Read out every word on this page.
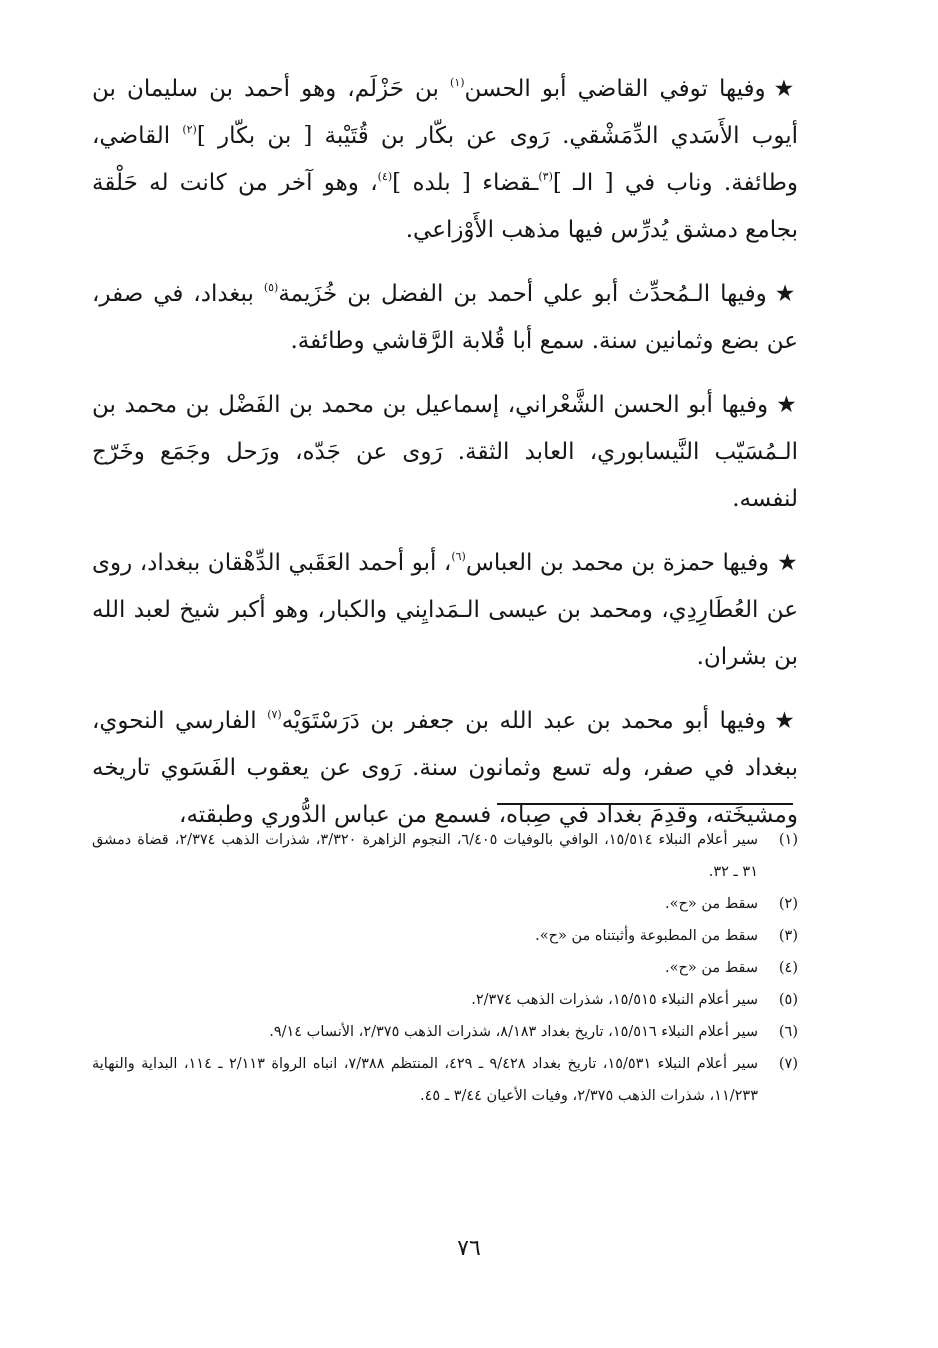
★وفيها توفي القاضي أبو الحسن$^{(١)}$ بن حَزْلَم، وهو أحمد بن سليمان بن أيوب الأَسَدي الدِّمَشْقي. رَوى عن بكّار بن قُتَيْبة [ بن بكّار ]$^{(٢)}$ القاضي، وطائفة. وناب في [ الـ ]$^{(٣)}$ـقضاء [ بلده ]$^{(٤)}$، وهو آخر من كانت له حَلْقة بجامع دمشق يُدرِّس فيها مذهب الأَوْزاعي.

★وفيها الـمُحدِّث أبو علي أحمد بن الفضل بن خُزَيمة$^{(٥)}$ ببغداد، في صفر، عن بضع وثمانين سنة. سمع أبا قُلابة الرَّقاشي وطائفة.

★وفيها أبو الحسن الشَّعْراني، إسماعيل بن محمد بن الفَضْل بن محمد بن الـمُسَيّب النَّيسابوري، العابد الثقة. رَوى عن جَدّه، ورَحل وجَمَع وخَرّج لنفسه.

★وفيها حمزة بن محمد بن العباس$^{(٦)}$، أبو أحمد العَقَبي الدِّهْقان ببغداد، روى عن العُطَارِدِي، ومحمد بن عيسى الـمَدايِني والكبار، وهو أكبر شيخ لعبد الله بن بشران.

★وفيها أبو محمد بن عبد الله بن جعفر بن دَرَسْتَوَيْه$^{(٧)}$ الفارسي النحوي، ببغداد في صفر، وله تسع وثمانون سنة. رَوى عن يعقوب الفَسَوي تاريخه ومشيخَته، وقدِمَ بغداد في صِباه، فسمع من عباس الدُّوري وطبقته،

(١)
سير أعلام النبلاء ١٥/٥١٤، الوافي بالوفيات ٦/٤٠٥، النجوم الزاهرة ٣/٣٢٠، شذرات الذهب ٢/٣٧٤، قضاة دمشق ٣١ ـ ٣٢.
(٢)
سقط من «ح».
(٣)
سقط من المطبوعة وأثبتناه من «ح».
(٤)
سقط من «ح».
(٥)
سير أعلام النبلاء ١٥/٥١٥، شذرات الذهب ٢/٣٧٤.
(٦)
سير أعلام النبلاء ١٥/٥١٦، تاريخ بغداد ٨/١٨٣، شذرات الذهب ٢/٣٧٥، الأنساب ٩/١٤.
(٧)
سير أعلام النبلاء ١٥/٥٣١، تاريخ بغداد ٩/٤٢٨ ـ ٤٢٩، المنتظم ٧/٣٨٨، انباه الرواة ٢/١١٣ ـ ١١٤، البداية والنهاية ١١/٢٣٣، شذرات الذهب ٢/٣٧٥، وفيات الأعيان ٣/٤٤ ـ ٤٥.
٧٦
